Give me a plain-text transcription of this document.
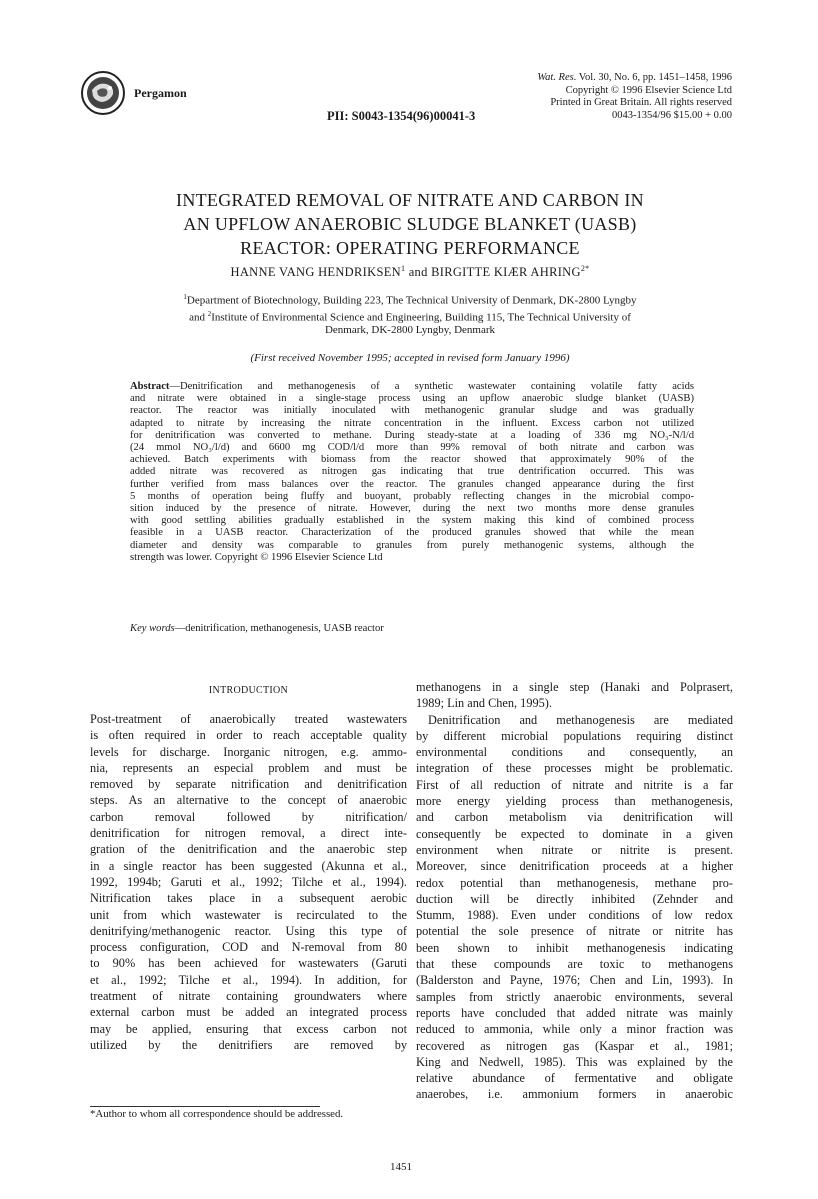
Pergamon
PII: S0043-1354(96)00041-3
Wat. Res. Vol. 30, No. 6, pp. 1451–1458, 1996
Copyright © 1996 Elsevier Science Ltd
Printed in Great Britain. All rights reserved
0043-1354/96 $15.00 + 0.00
INTEGRATED REMOVAL OF NITRATE AND CARBON IN
AN UPFLOW ANAEROBIC SLUDGE BLANKET (UASB)
REACTOR: OPERATING PERFORMANCE
HANNE VANG HENDRIKSEN$^1$ and BIRGITTE KIÆR $AHRING^{2*}$
$^1$Department of Biotechnology, Building 223, The Technical University of Denmark, DK-2800 Lyngby
and $^2$Institute of Environmental Science and Engineering, Building 115, The Technical University of
Denmark, DK-2800 Lyngby, Denmark
(First received November 1995; accepted in revised form January 1996)
Abstract—Denitrification and methanogenesis of a synthetic wastewater containing volatile fatty acids
and nitrate were obtained in a single-stage process using an upflow anaerobic sludge blanket (UASB)
reactor. The reactor was initially inoculated with methanogenic granular sludge and was gradually
adapted to nitrate by increasing the nitrate concentration in the influent. Excess carbon not utilized
for denitrification was converted to methane. During steady-state at a loading of 336 mg NO₃-N/l/d
(24 mmol NO₃/l/d) and 6600 mg COD/l/d more than 99% removal of both nitrate and carbon was
achieved. Batch experiments with biomass from the reactor showed that approximately 90% of the
added nitrate was recovered as nitrogen gas indicating that true dentrification occurred. This was
further verified from mass balances over the reactor. The granules changed appearance during the first
5 months of operation being fluffy and buoyant, probably reflecting changes in the microbial compo-
sition induced by the presence of nitrate. However, during the next two months more dense granules
with good settling abilities gradually established in the system making this kind of combined process
feasible in a UASB reactor. Characterization of the produced granules showed that while the mean
diameter and density was comparable to granules from purely methanogenic systems, although the
strength was lower. Copyright © 1996 Elsevier Science Ltd
Key words—denitrification, methanogenesis, UASB reactor
INTRODUCTION
Post-treatment of anaerobically treated wastewaters
is often required in order to reach acceptable quality
levels for discharge. Inorganic nitrogen, e.g. ammo-
nia, represents an especial problem and must be
removed by separate nitrification and denitrification
steps. As an alternative to the concept of anaerobic
carbon removal followed by nitrification/
denitrification for nitrogen removal, a direct inte-
gration of the denitrification and the anaerobic step
in a single reactor has been suggested (Akunna et al.,
1992, 1994b; Garuti et al., 1992; Tilche et al., 1994).
Nitrification takes place in a subsequent aerobic
unit from which wastewater is recirculated to the
denitrifying/methanogenic reactor. Using this type of
process configuration, COD and N-removal from 80
to 90% has been achieved for wastewaters (Garuti
et al., 1992; Tilche et al., 1994). In addition, for
treatment of nitrate containing groundwaters where
external carbon must be added an integrated process
may be applied, ensuring that excess carbon not
utilized by the denitrifiers are removed by
methanogens in a single step (Hanaki and Polprasert,
1989; Lin and Chen, 1995).
Denitrification and methanogenesis are mediated
by different microbial populations requiring distinct
environmental conditions and consequently, an
integration of these processes might be problematic.
First of all reduction of nitrate and nitrite is a far
more energy yielding process than methanogenesis,
and carbon metabolism via denitrification will
consequently be expected to dominate in a given
environment when nitrate or nitrite is present.
Moreover, since denitrification proceeds at a higher
redox potential than methanogenesis, methane pro-
duction will be directly inhibited (Zehnder and
Stumm, 1988). Even under conditions of low redox
potential the sole presence of nitrate or nitrite has
been shown to inhibit methanogenesis indicating
that these compounds are toxic to methanogens
(Balderston and Payne, 1976; Chen and Lin, 1993). In
samples from strictly anaerobic environments, several
reports have concluded that added nitrate was mainly
reduced to ammonia, while only a minor fraction was
recovered as nitrogen gas (Kaspar et al., 1981;
King and Nedwell, 1985). This was explained by the
relative abundance of fermentative and obligate
anaerobes, i.e. ammonium formers in anaerobic
*Author to whom all correspondence should be addressed.
1451
